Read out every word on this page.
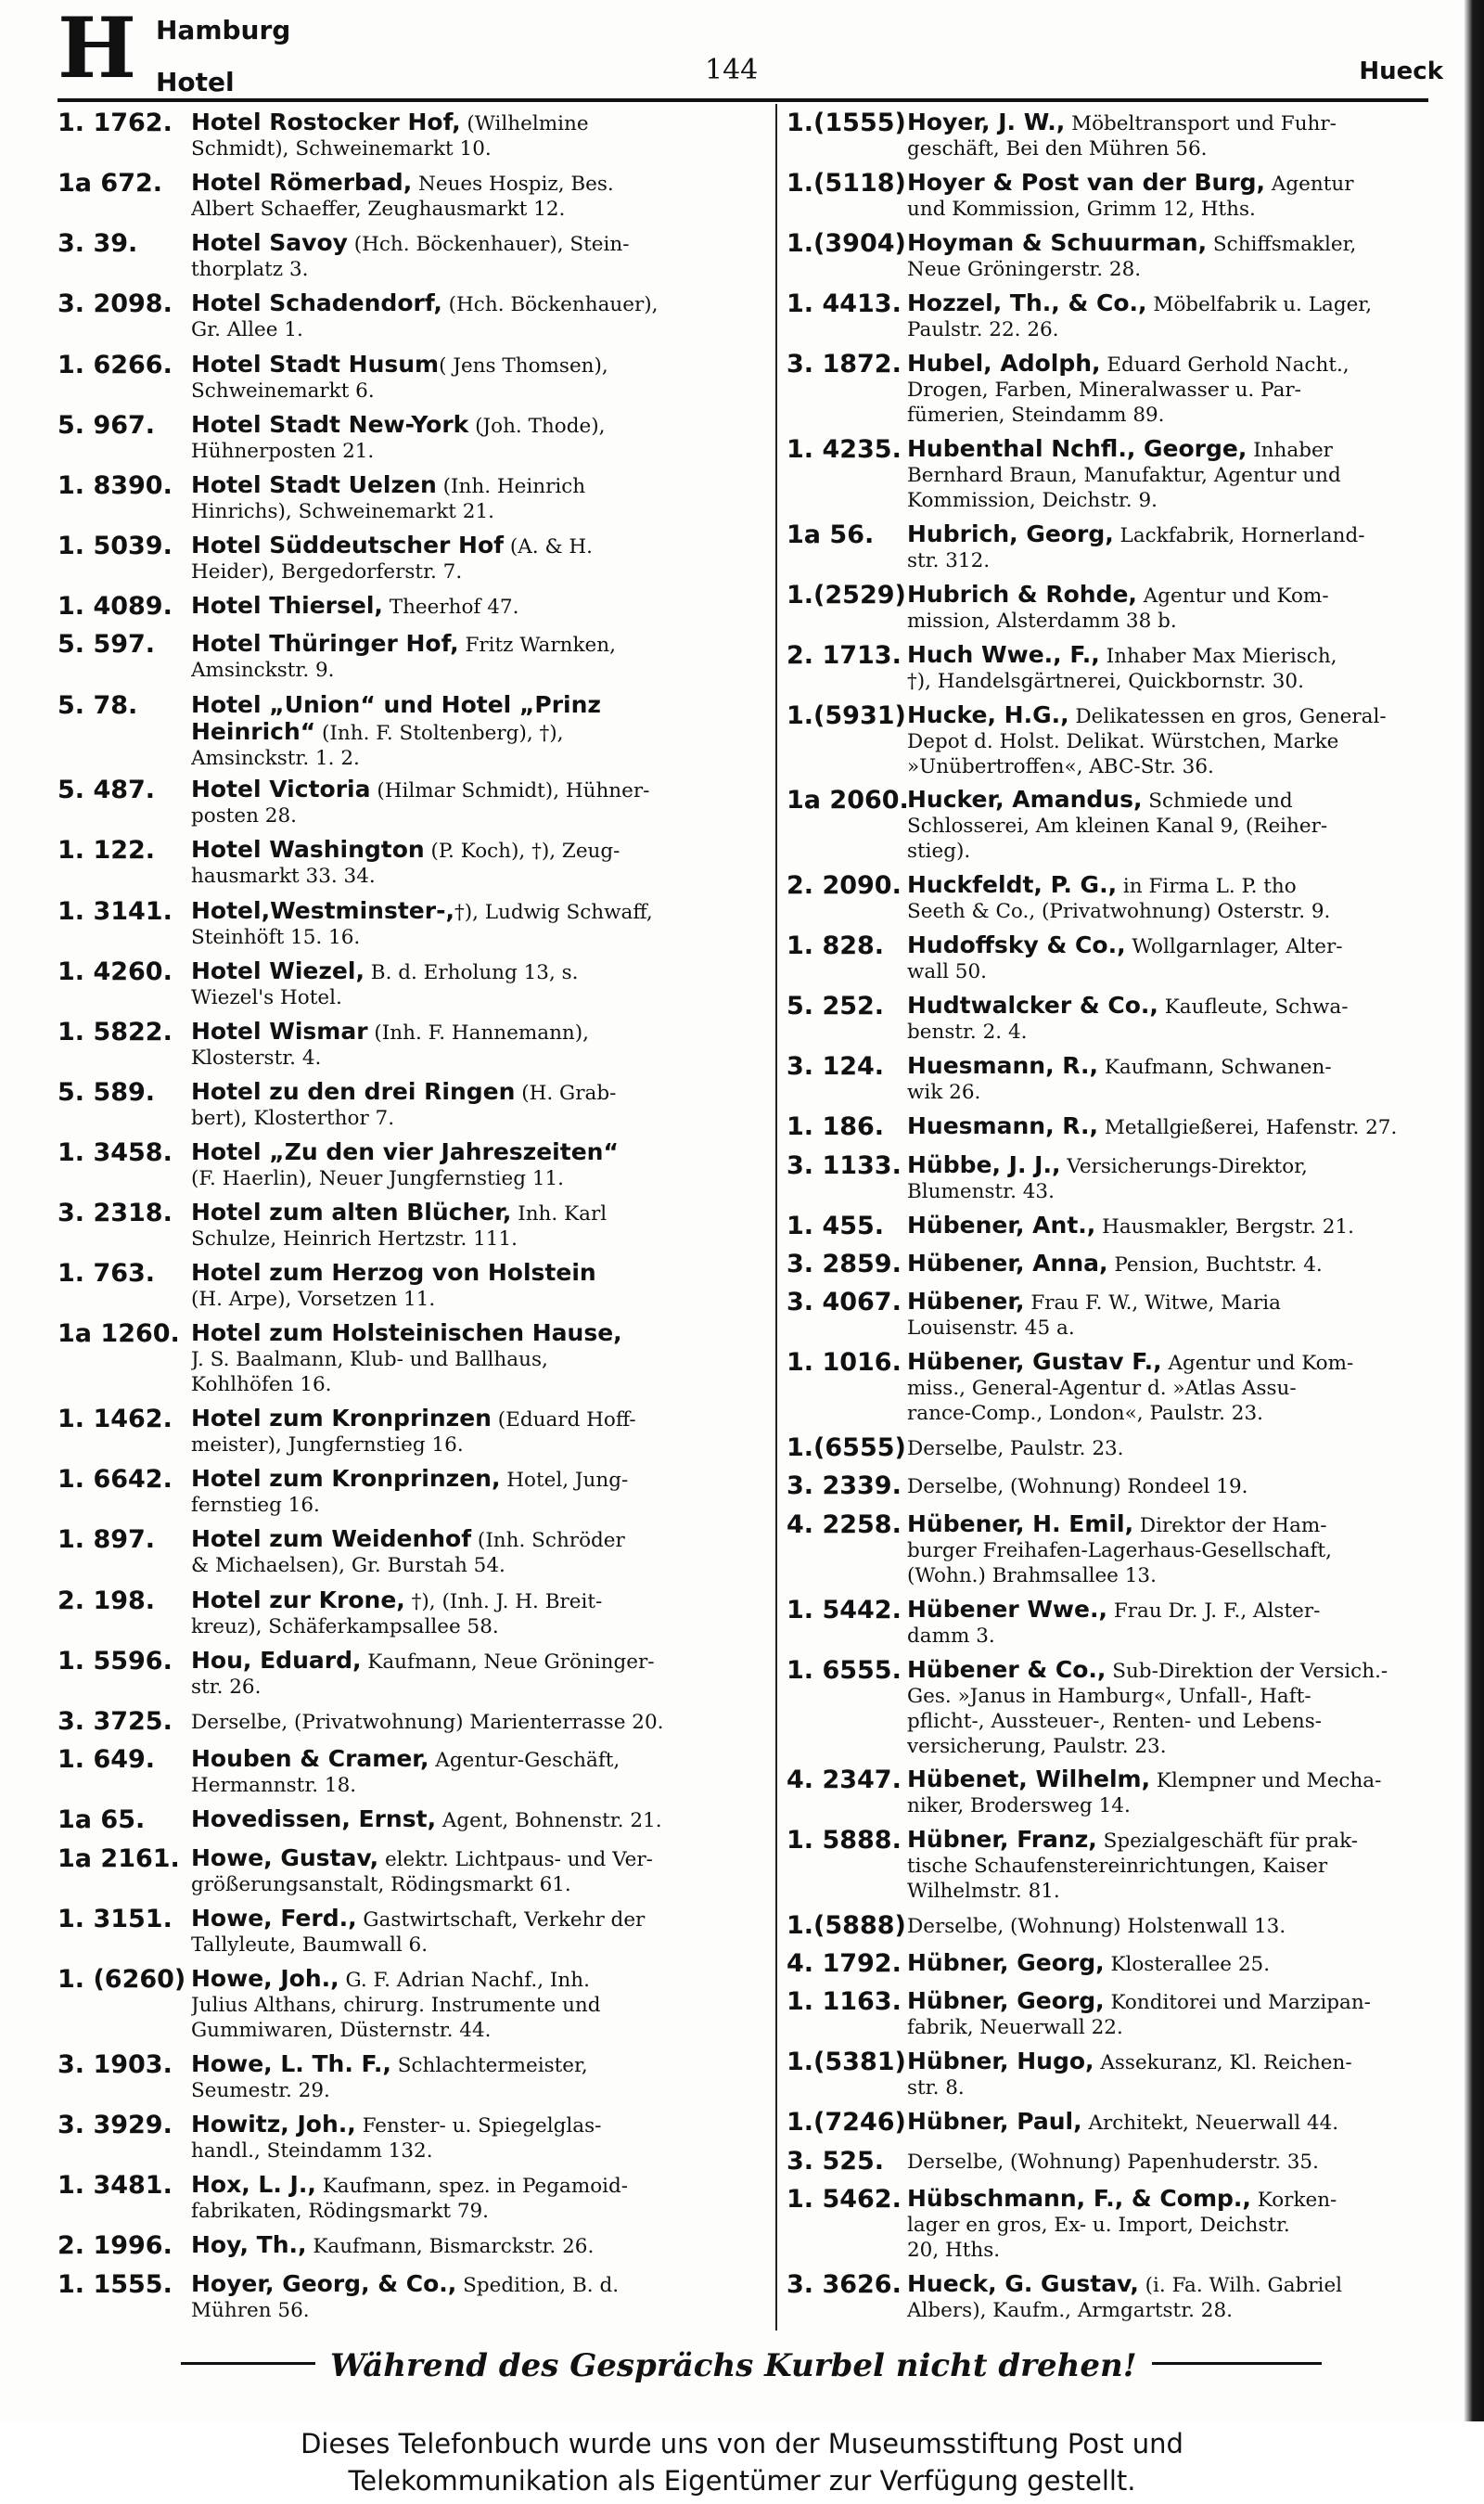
H Hamburg
Hotel	144	Hueck
1. 1762. Hotel Rostocker Hof, (Wilhelmine
Schmidt), Schweinemarkt 10.
1a 672. Hotel Römerbad, Neues Hospiz, Bes.
Albert Schaeffer, Zeughausmarkt 12.
3. 39. Hotel Savoy (Hch. Böckenhauer), Stein-
thorplatz 3.
3. 2098. Hotel Schadendorf, (Hch. Böckenhauer),
Gr. Allee 1.
1. 6266. Hotel Stadt Husum( Jens Thomsen),
Schweinemarkt 6.
5. 967. Hotel Stadt New-York (Joh. Thode),
Hühnerposten 21.
1. 8390. Hotel Stadt Uelzen (Inh. Heinrich
Hinrichs), Schweinemarkt 21.
1. 5039. Hotel Süddeutscher Hof (A. & H.
Heider), Bergedorferstr. 7.
1. 4089. Hotel Thiersel, Theerhof 47.
5. 597. Hotel Thüringer Hof, Fritz Warnken,
Amsinckstr. 9.
5. 78. Hotel „Union“ und Hotel „Prinz
Heinrich“ (Inh. F. Stoltenberg), †),
Amsinckstr. 1. 2.
5. 487. Hotel Victoria (Hilmar Schmidt), Hühner-
posten 28.
1. 122. Hotel Washington (P. Koch), †), Zeug-
hausmarkt 33. 34.
1. 3141. Hotel,Westminster-,†), Ludwig Schwaff,
Steinhöft 15. 16.
1. 4260. Hotel Wiezel, B. d. Erholung 13, s.
Wiezel's Hotel.
1. 5822. Hotel Wismar (Inh. F. Hannemann),
Klosterstr. 4.
5. 589. Hotel zu den drei Ringen (H. Grab-
bert), Klosterthor 7.
1. 3458. Hotel „Zu den vier Jahreszeiten“
(F. Haerlin), Neuer Jungfernstieg 11.
3. 2318. Hotel zum alten Blücher, Inh. Karl
Schulze, Heinrich Hertzstr. 111.
1. 763. Hotel zum Herzog von Holstein
(H. Arpe), Vorsetzen 11.
1a 1260. Hotel zum Holsteinischen Hause,
J. S. Baalmann, Klub- und Ballhaus,
Kohlhöfen 16.
1. 1462. Hotel zum Kronprinzen (Eduard Hoff-
meister), Jungfernstieg 16.
1. 6642. Hotel zum Kronprinzen, Hotel, Jung-
fernstieg 16.
1. 897. Hotel zum Weidenhof (Inh. Schröder
& Michaelsen), Gr. Burstah 54.
2. 198. Hotel zur Krone, †), (Inh. J. H. Breit-
kreuz), Schäferkampsallee 58.
1. 5596. Hou, Eduard, Kaufmann, Neue Gröninger-
str. 26.
3. 3725. Derselbe, (Privatwohnung) Marienterrasse 20.
1. 649. Houben & Cramer, Agentur-Geschäft,
Hermannstr. 18.
1a 65. Hovedissen, Ernst, Agent, Bohnenstr. 21.
1a 2161. Howe, Gustav, elektr. Lichtpaus- und Ver-
größerungsanstalt, Rödingsmarkt 61.
1. 3151. Howe, Ferd., Gastwirtschaft, Verkehr der
Tallyleute, Baumwall 6.
1. (6260) Howe, Joh., G. F. Adrian Nachf., Inh.
Julius Althans, chirurg. Instrumente und
Gummiwaren, Düsternstr. 44.
3. 1903. Howe, L. Th. F., Schlachtermeister,
Seumestr. 29.
3. 3929. Howitz, Joh., Fenster- u. Spiegelglas-
handl., Steindamm 132.
1. 3481. Hox, L. J., Kaufmann, spez. in Pegamoid-
fabrikaten, Rödingsmarkt 79.
2. 1996. Hoy, Th., Kaufmann, Bismarckstr. 26.
1. 1555. Hoyer, Georg, & Co., Spedition, B. d.
Mühren 56.
1.(1555) Hoyer, J. W., Möbeltransport und Fuhr-
geschäft, Bei den Mühren 56.
1.(5118) Hoyer & Post van der Burg, Agentur
und Kommission, Grimm 12, Hths.
1.(3904) Hoyman & Schuurman, Schiffsmakler,
Neue Gröningerstr. 28.
1. 4413. Hozzel, Th., & Co., Möbelfabrik u. Lager,
Paulstr. 22. 26.
3. 1872. Hubel, Adolph, Eduard Gerhold Nacht.,
Drogen, Farben, Mineralwasser u. Par-
fümerien, Steindamm 89.
1. 4235. Hubenthal Nchfl., George, Inhaber
Bernhard Braun, Manufaktur, Agentur und
Kommission, Deichstr. 9.
1a 56. Hubrich, Georg, Lackfabrik, Hornerland-
str. 312.
1.(2529) Hubrich & Rohde, Agentur und Kom-
mission, Alsterdamm 38 b.
2. 1713. Huch Wwe., F., Inhaber Max Mierisch,
†), Handelsgärtnerei, Quickbornstr. 30.
1.(5931) Hucke, H.G., Delikatessen en gros, General-
Depot d. Holst. Delikat. Würstchen, Marke
»Unübertroffen«, ABC-Str. 36.
1a 2060.
Hucker, Amandus, Schmiede und
Schlosserei, Am kleinen Kanal 9, (Reiher-
stieg).
2. 2090. Huckfeldt, P. G., in Firma L. P. tho
Seeth & Co., (Privatwohnung) Osterstr. 9.
1. 828. Hudoffsky & Co., Wollgarnlager, Alter-
wall 50.
5. 252. Hudtwalcker & Co., Kaufleute, Schwa-
benstr. 2. 4.
3. 124. Huesmann, R., Kaufmann, Schwanen-
wik 26.
1. 186. Huesmann, R., Metallgießerei, Hafenstr. 27.
3. 1133. Hübbe, J. J., Versicherungs-Direktor,
Blumenstr. 43.
1. 455. Hübener, Ant., Hausmakler, Bergstr. 21.
3. 2859. Hübener, Anna, Pension, Buchtstr. 4.
3. 4067. Hübener, Frau F. W., Witwe, Maria
Louisenstr. 45 a.
1. 1016. Hübener, Gustav F., Agentur und Kom-
miss., General-Agentur d. »Atlas Assu-
rance-Comp., London«, Paulstr. 23.
1.(6555) Derselbe, Paulstr. 23.
3. 2339. Derselbe, (Wohnung) Rondeel 19.
4. 2258. Hübener, H. Emil, Direktor der Ham-
burger Freihafen-Lagerhaus-Gesellschaft,
(Wohn.) Brahmsallee 13.
1. 5442. Hübener Wwe., Frau Dr. J. F., Alster-
damm 3.
1. 6555. Hübener & Co., Sub-Direktion der Versich.-
Ges. »Janus in Hamburg«, Unfall-, Haft-
pflicht-, Aussteuer-, Renten- und Lebens-
versicherung, Paulstr. 23.
4. 2347. Hübenet, Wilhelm, Klempner und Mecha-
niker, Brodersweg 14.
1. 5888. Hübner, Franz, Spezialgeschäft für prak-
tische Schaufenstereinrichtungen, Kaiser
Wilhelmstr. 81.
1.(5888) Derselbe, (Wohnung) Holstenwall 13.
4. 1792. Hübner, Georg, Klosterallee 25.
1. 1163. Hübner, Georg, Konditorei und Marzipan-
fabrik, Neuerwall 22.
1.(5381) Hübner, Hugo, Assekuranz, Kl. Reichen-
str. 8.
1.(7246) Hübner, Paul, Architekt, Neuerwall 44.
3. 525. Derselbe, (Wohnung) Papenhuderstr. 35.
1. 5462. Hübschmann, F., & Comp., Korken-
lager en gros, Ex- u. Import, Deichstr.
20, Hths.
3. 3626. Hueck, G. Gustav, (i. Fa. Wilh. Gabriel
Albers), Kaufm., Armgartstr. 28.
Während des Gesprächs Kurbel nicht drehen!
Dieses Telefonbuch wurde uns von der Museumsstiftung Post und
Telekommunikation als Eigentümer zur Verfügung gestellt.
